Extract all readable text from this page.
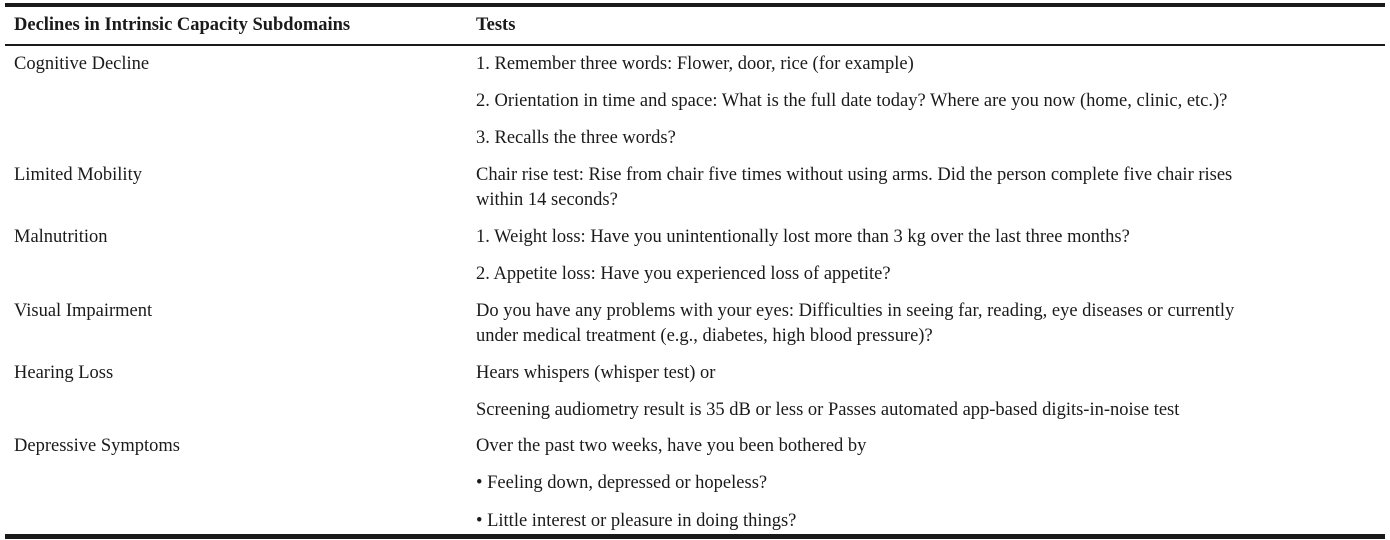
Declines in Intrinsic Capacity Subdomains	Tests
Cognitive Decline	1. Remember three words: Flower, door, rice (for example)
2. Orientation in time and space: What is the full date today? Where are you now (home, clinic, etc.)?
3. Recalls the three words?
Limited Mobility	Chair rise test: Rise from chair five times without using arms. Did the person complete five chair rises
within 14 seconds?
Malnutrition	1. Weight loss: Have you unintentionally lost more than 3 kg over the last three months?
2. Appetite loss: Have you experienced loss of appetite?
Visual Impairment	Do you have any problems with your eyes: Difficulties in seeing far, reading, eye diseases or currently
under medical treatment (e.g., diabetes, high blood pressure)?
Hearing Loss	Hears whispers (whisper test) or
Screening audiometry result is 35 dB or less or Passes automated app-based digits-in-noise test
Depressive Symptoms	Over the past two weeks, have you been bothered by
• Feeling down, depressed or hopeless?
• Little interest or pleasure in doing things?
